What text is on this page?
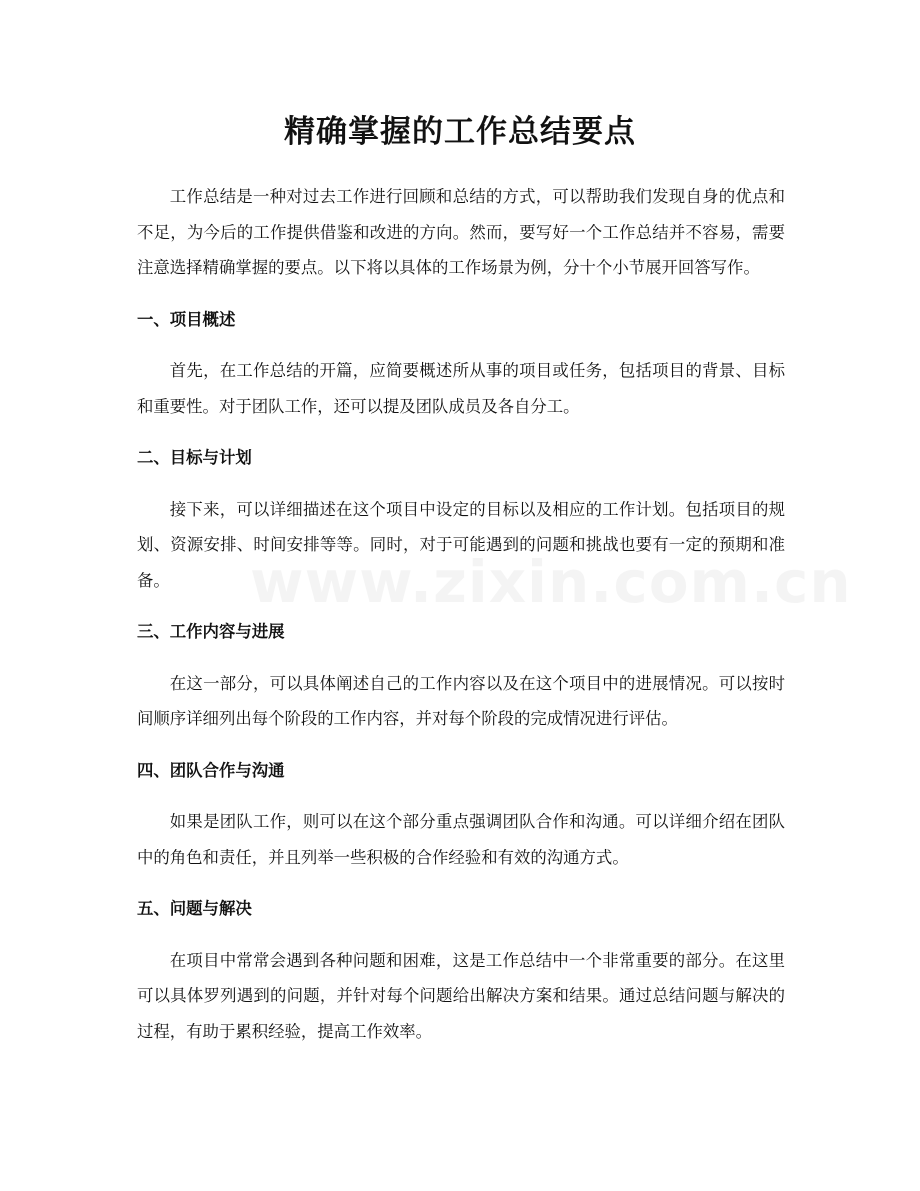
精确掌握的工作总结要点

工作总结是一种对过去工作进行回顾和总结的方式，可以帮助我们发现自身的优点和不足，为今后的工作提供借鉴和改进的方向。然而，要写好一个工作总结并不容易，需要注意选择精确掌握的要点。以下将以具体的工作场景为例，分十个小节展开回答写作。

一、项目概述

首先，在工作总结的开篇，应简要概述所从事的项目或任务，包括项目的背景、目标和重要性。对于团队工作，还可以提及团队成员及各自分工。

二、目标与计划

接下来，可以详细描述在这个项目中设定的目标以及相应的工作计划。包括项目的规划、资源安排、时间安排等等。同时，对于可能遇到的问题和挑战也要有一定的预期和准备。

三、工作内容与进展

在这一部分，可以具体阐述自己的工作内容以及在这个项目中的进展情况。可以按时间顺序详细列出每个阶段的工作内容，并对每个阶段的完成情况进行评估。

四、团队合作与沟通

如果是团队工作，则可以在这个部分重点强调团队合作和沟通。可以详细介绍在团队中的角色和责任，并且列举一些积极的合作经验和有效的沟通方式。

五、问题与解决

在项目中常常会遇到各种问题和困难，这是工作总结中一个非常重要的部分。在这里可以具体罗列遇到的问题，并针对每个问题给出解决方案和结果。通过总结问题与解决的过程，有助于累积经验，提高工作效率。
